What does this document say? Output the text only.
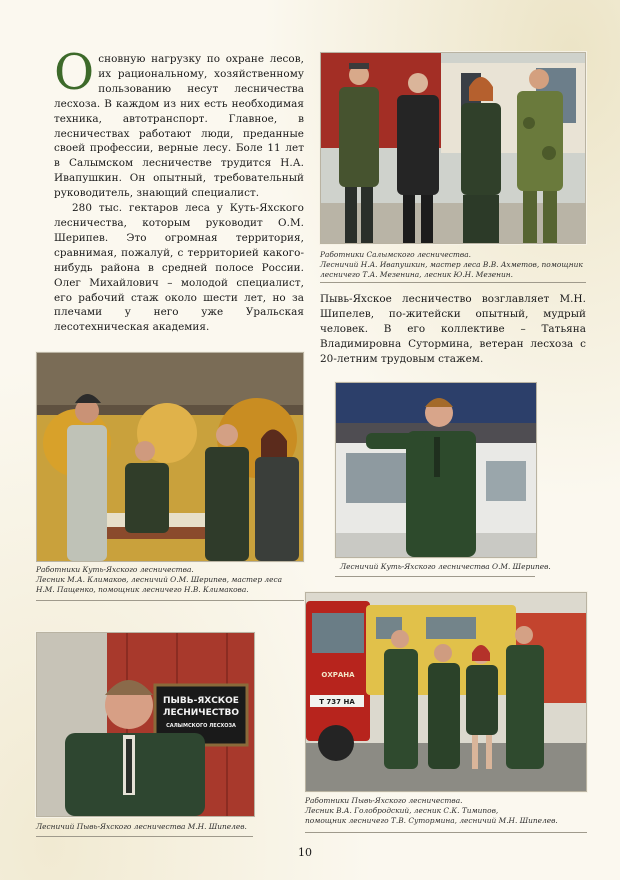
Основную нагрузку по охране лесов, их рациональному, хозяйственному пользованию несут лесничества лесхоза. В каждом из них есть необходимая техника, автотранспорт. Главное, в лесничествах работают люди, преданные своей профессии, верные лесу. Боле 11 лет в Салымском лесничестве трудится Н.А. Ивапушкин. Он опытный, требовательный руководитель, знающий специалист.

280 тыс. гектаров леса у Куть-Яхского лесничества, которым руководит О.М. Шерипев. Это огромная территория, сравнимая, пожалуй, с территорией какого-нибудь района в средней полосе России. Олег Михайлович – молодой специалист, его рабочий стаж около шести лет, но за плечами у него уже Уральская лесотехническая академия.

Работники Салымского лесничества.

Лесничий Н.А. Ивапушкин, мастер леса В.В. Ахметов, помощник

лесничего Т.А. Мезенина, лесник Ю.Н. Мезенин.

Пывь-Яхское лесничество возглавляет М.Н. Шипелев, по-житейски опытный, мудрый человек. В его коллективе – Татьяна Владимировна Сутормина, ветеран лесхоза с 20-летним трудовым стажем.

Работники Куть-Яхского лесничества.

Лесник М.А. Климаков, лесничий О.М. Шерипев, мастер леса

Н.М. Пащенко, помощник лесничего Н.В. Климакова.

Лесничий Куть-Яхского лесничества О.М. Шерипев.

ПЫВЬ-ЯХСКОЕ
ЛЕСНИЧЕСТВО
САЛЫМСКОГО ЛЕСХОЗА

Лесничий Пывь-Яхского лесничества М.Н. Шипелев.

ОХРАНА
Т 737 НА

Работники Пывь-Яхского лесничества.

Лесник В.А. Голобродский, лесник С.К. Тимипов,

помощник лесничего Т.В. Сутормина, лесничий М.Н. Шипелев.

10
